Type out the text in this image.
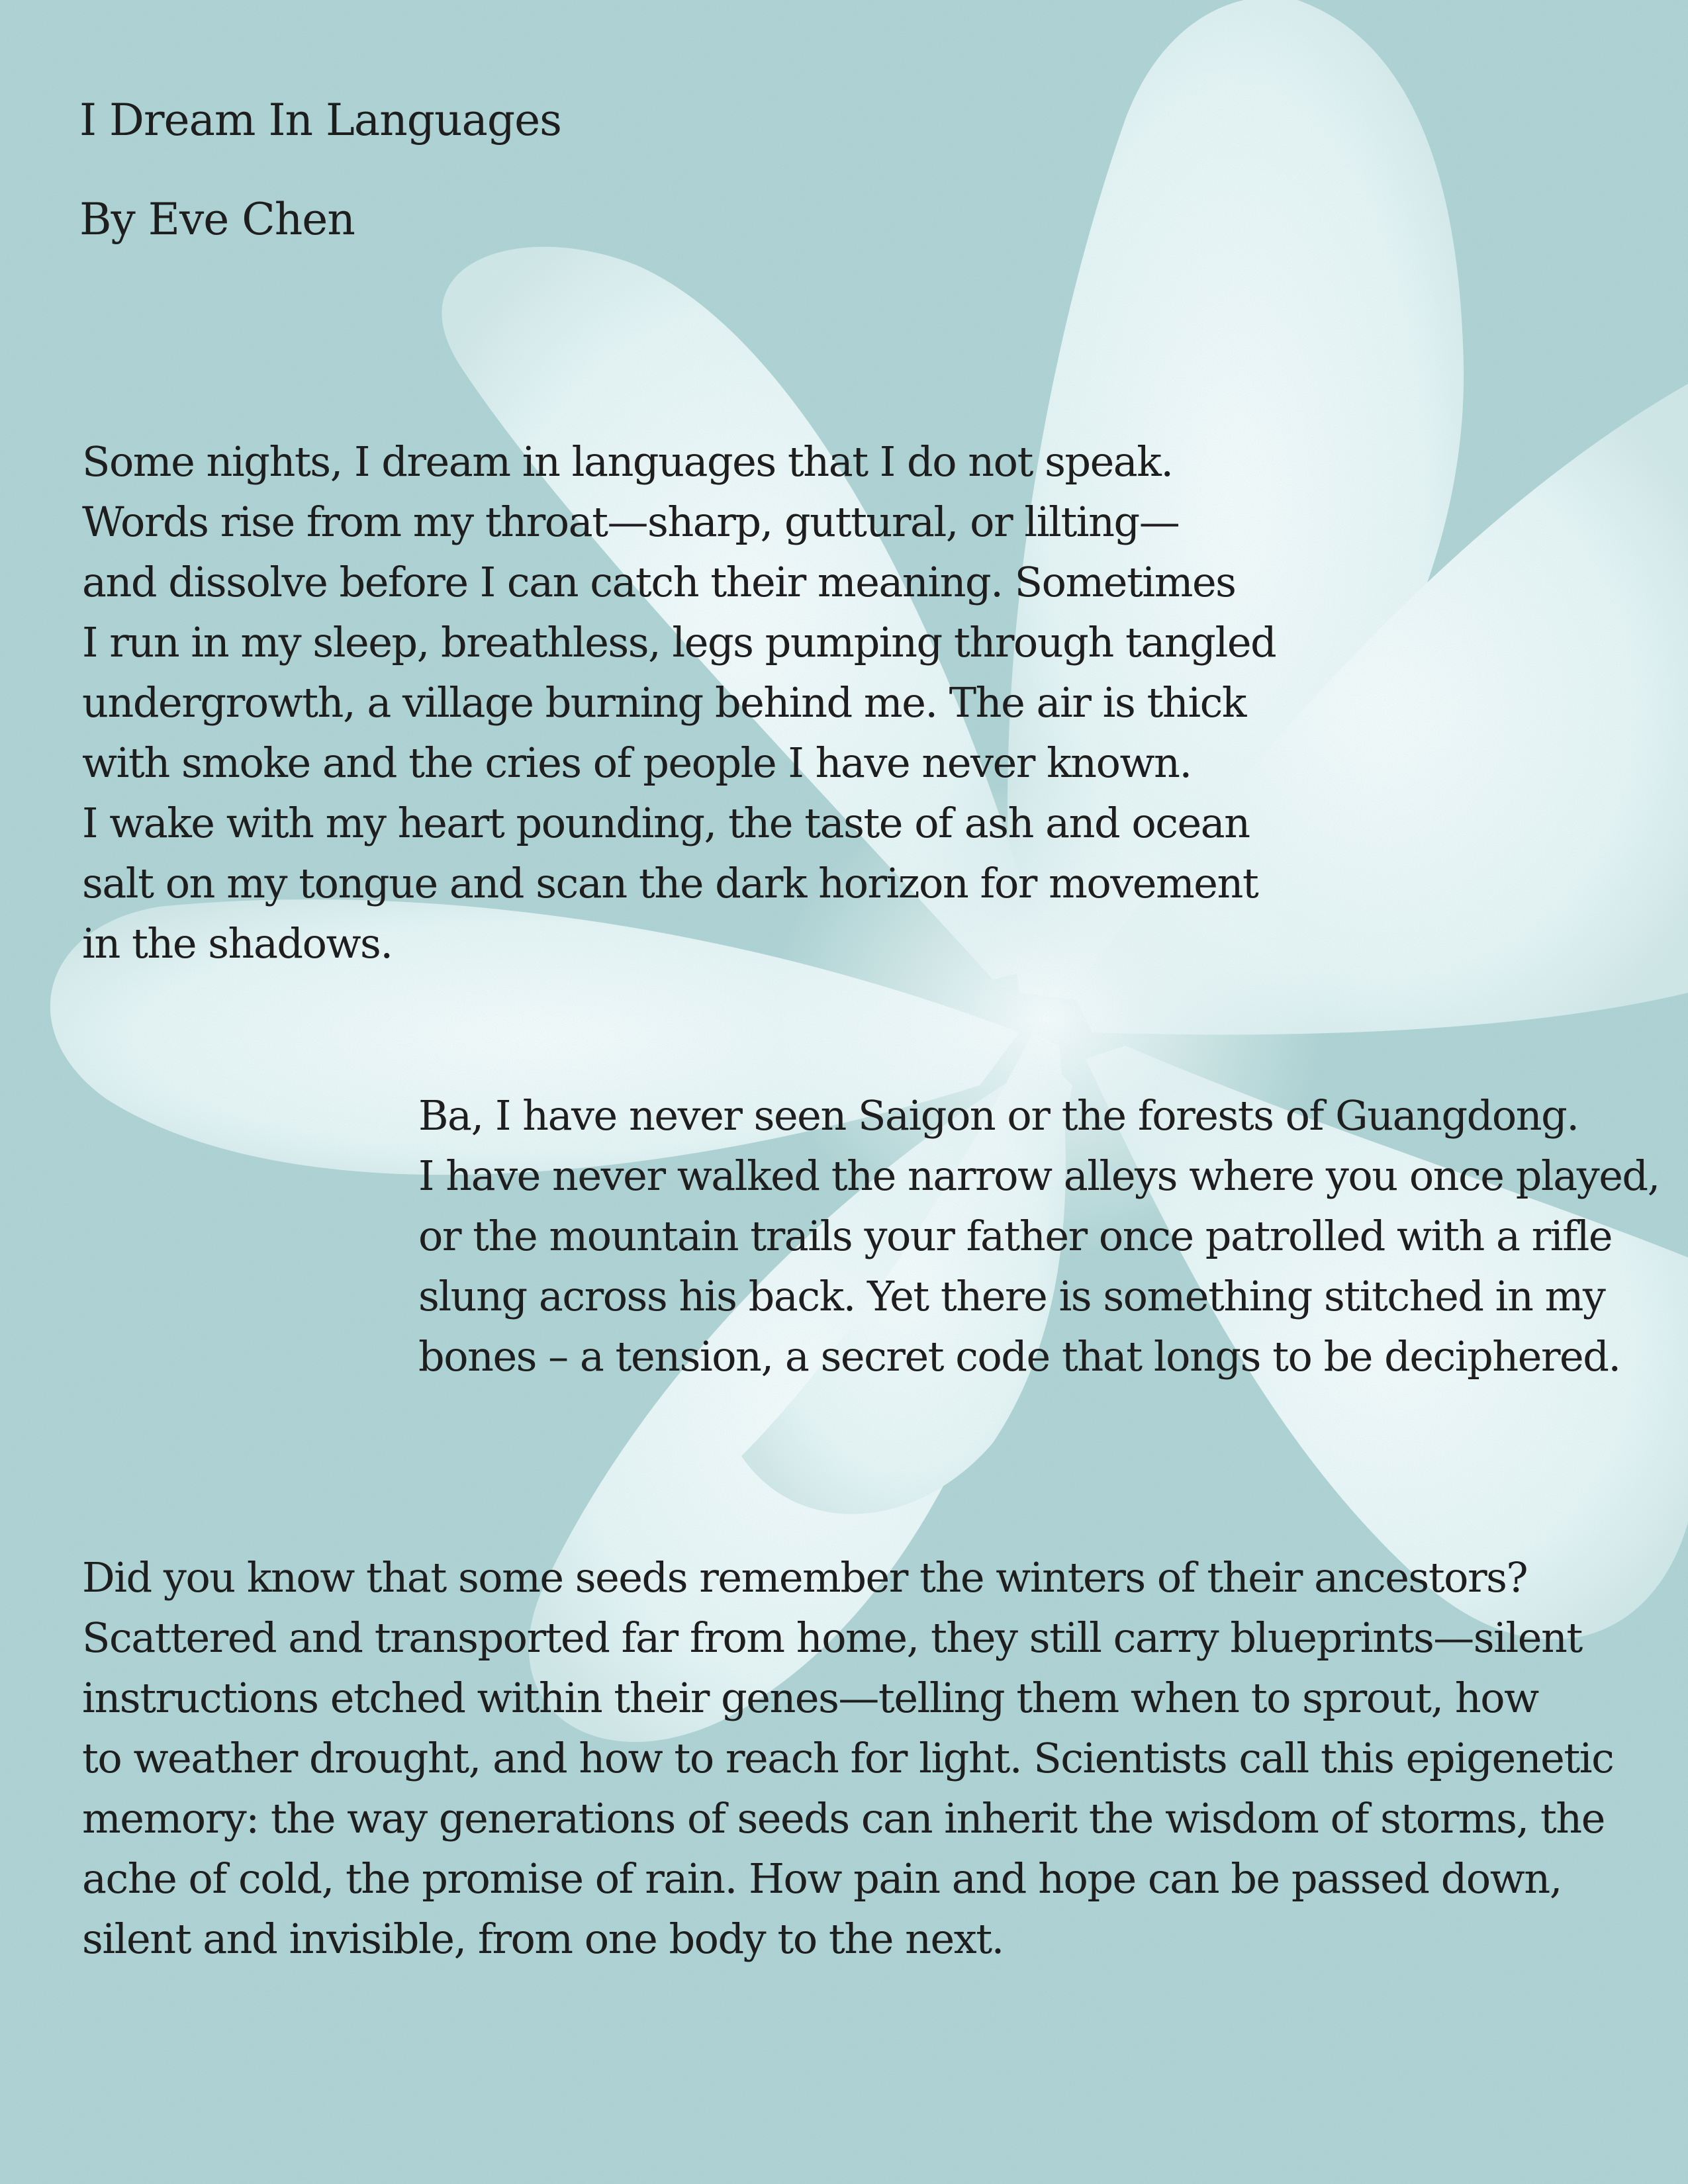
I Dream In Languages

By Eve Chen

Some nights, I dream in languages that I do not speak.
Words rise from my throat—sharp, guttural, or lilting—
and dissolve before I can catch their meaning. Sometimes
I run in my sleep, breathless, legs pumping through tangled
undergrowth, a village burning behind me. The air is thick
with smoke and the cries of people I have never known.
I wake with my heart pounding, the taste of ash and ocean
salt on my tongue and scan the dark horizon for movement
in the shadows.

Ba, I have never seen Saigon or the forests of Guangdong.
I have never walked the narrow alleys where you once played,
or the mountain trails your father once patrolled with a rifle
slung across his back. Yet there is something stitched in my
bones – a tension, a secret code that longs to be deciphered.

Did you know that some seeds remember the winters of their ancestors?
Scattered and transported far from home, they still carry blueprints—silent
instructions etched within their genes—telling them when to sprout, how
to weather drought, and how to reach for light. Scientists call this epigenetic
memory: the way generations of seeds can inherit the wisdom of storms, the
ache of cold, the promise of rain. How pain and hope can be passed down,
silent and invisible, from one body to the next.
